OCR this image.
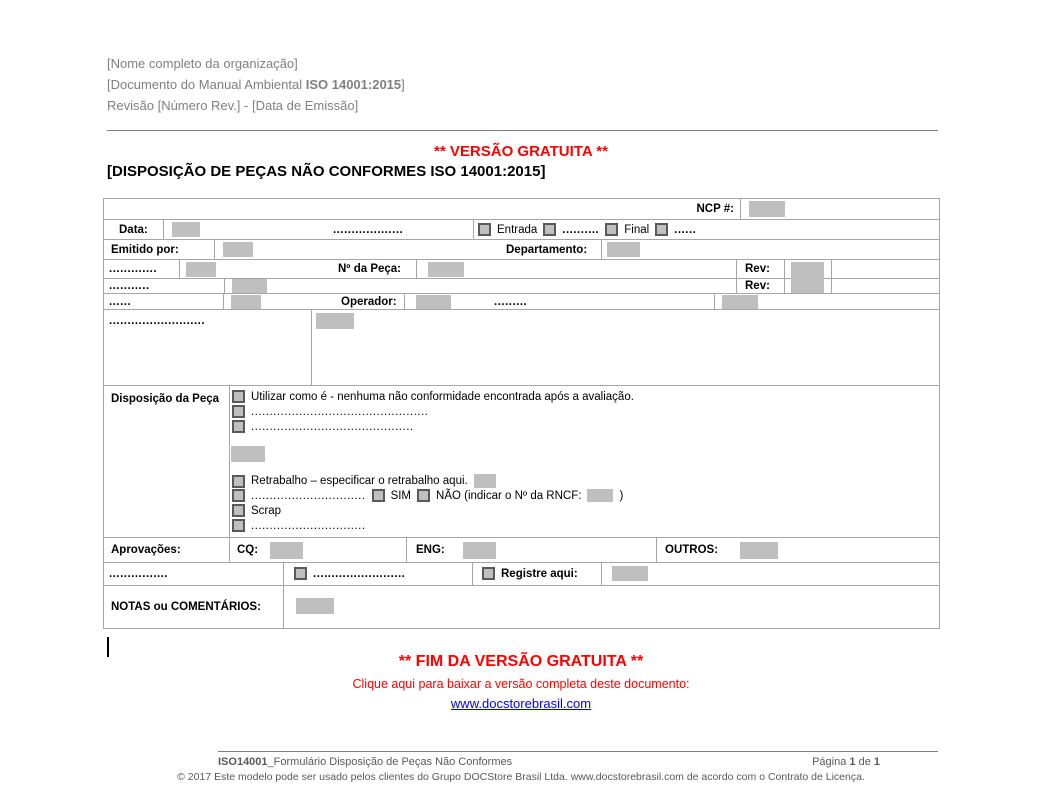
[Nome completo da organização]
[Documento do Manual Ambiental ISO 14001:2015]
Revisão [Número Rev.] - [Data de Emissão]
** VERSÃO GRATUITA **
[DISPOSIÇÃO DE PEÇAS NÃO CONFORMES ISO 14001:2015]
NCP #:
Data:	...................	Entrada .......... Final ......
Emitido por:	Departamento:
.............	Nº da Peça:	Rev:
...........	Rev:
......	Operador:	.........
..........................
Disposição da Peça	Utilizar como é - nenhuma não conformidade encontrada após a avaliação.
................................................
............................................
Retrabalho – especificar o retrabalho aqui.
............................... SIM NÃO (indicar o Nº da RNCF:	)
Scrap
...............................
Aprovações:	CQ:	ENG:	OUTROS:
................	.........................	Registre aqui:
NOTAS ou COMENTÁRIOS:
** FIM DA VERSÃO GRATUITA **
Clique aqui para baixar a versão completa deste documento:
www.docstorebrasil.com
ISO14001_Formulário Disposição de Peças Não Conformes	Página 1 de 1
© 2017 Este modelo pode ser usado pelos clientes do Grupo DOCStore Brasil Ltda. www.docstorebrasil.com de acordo com o Contrato de Licença.
